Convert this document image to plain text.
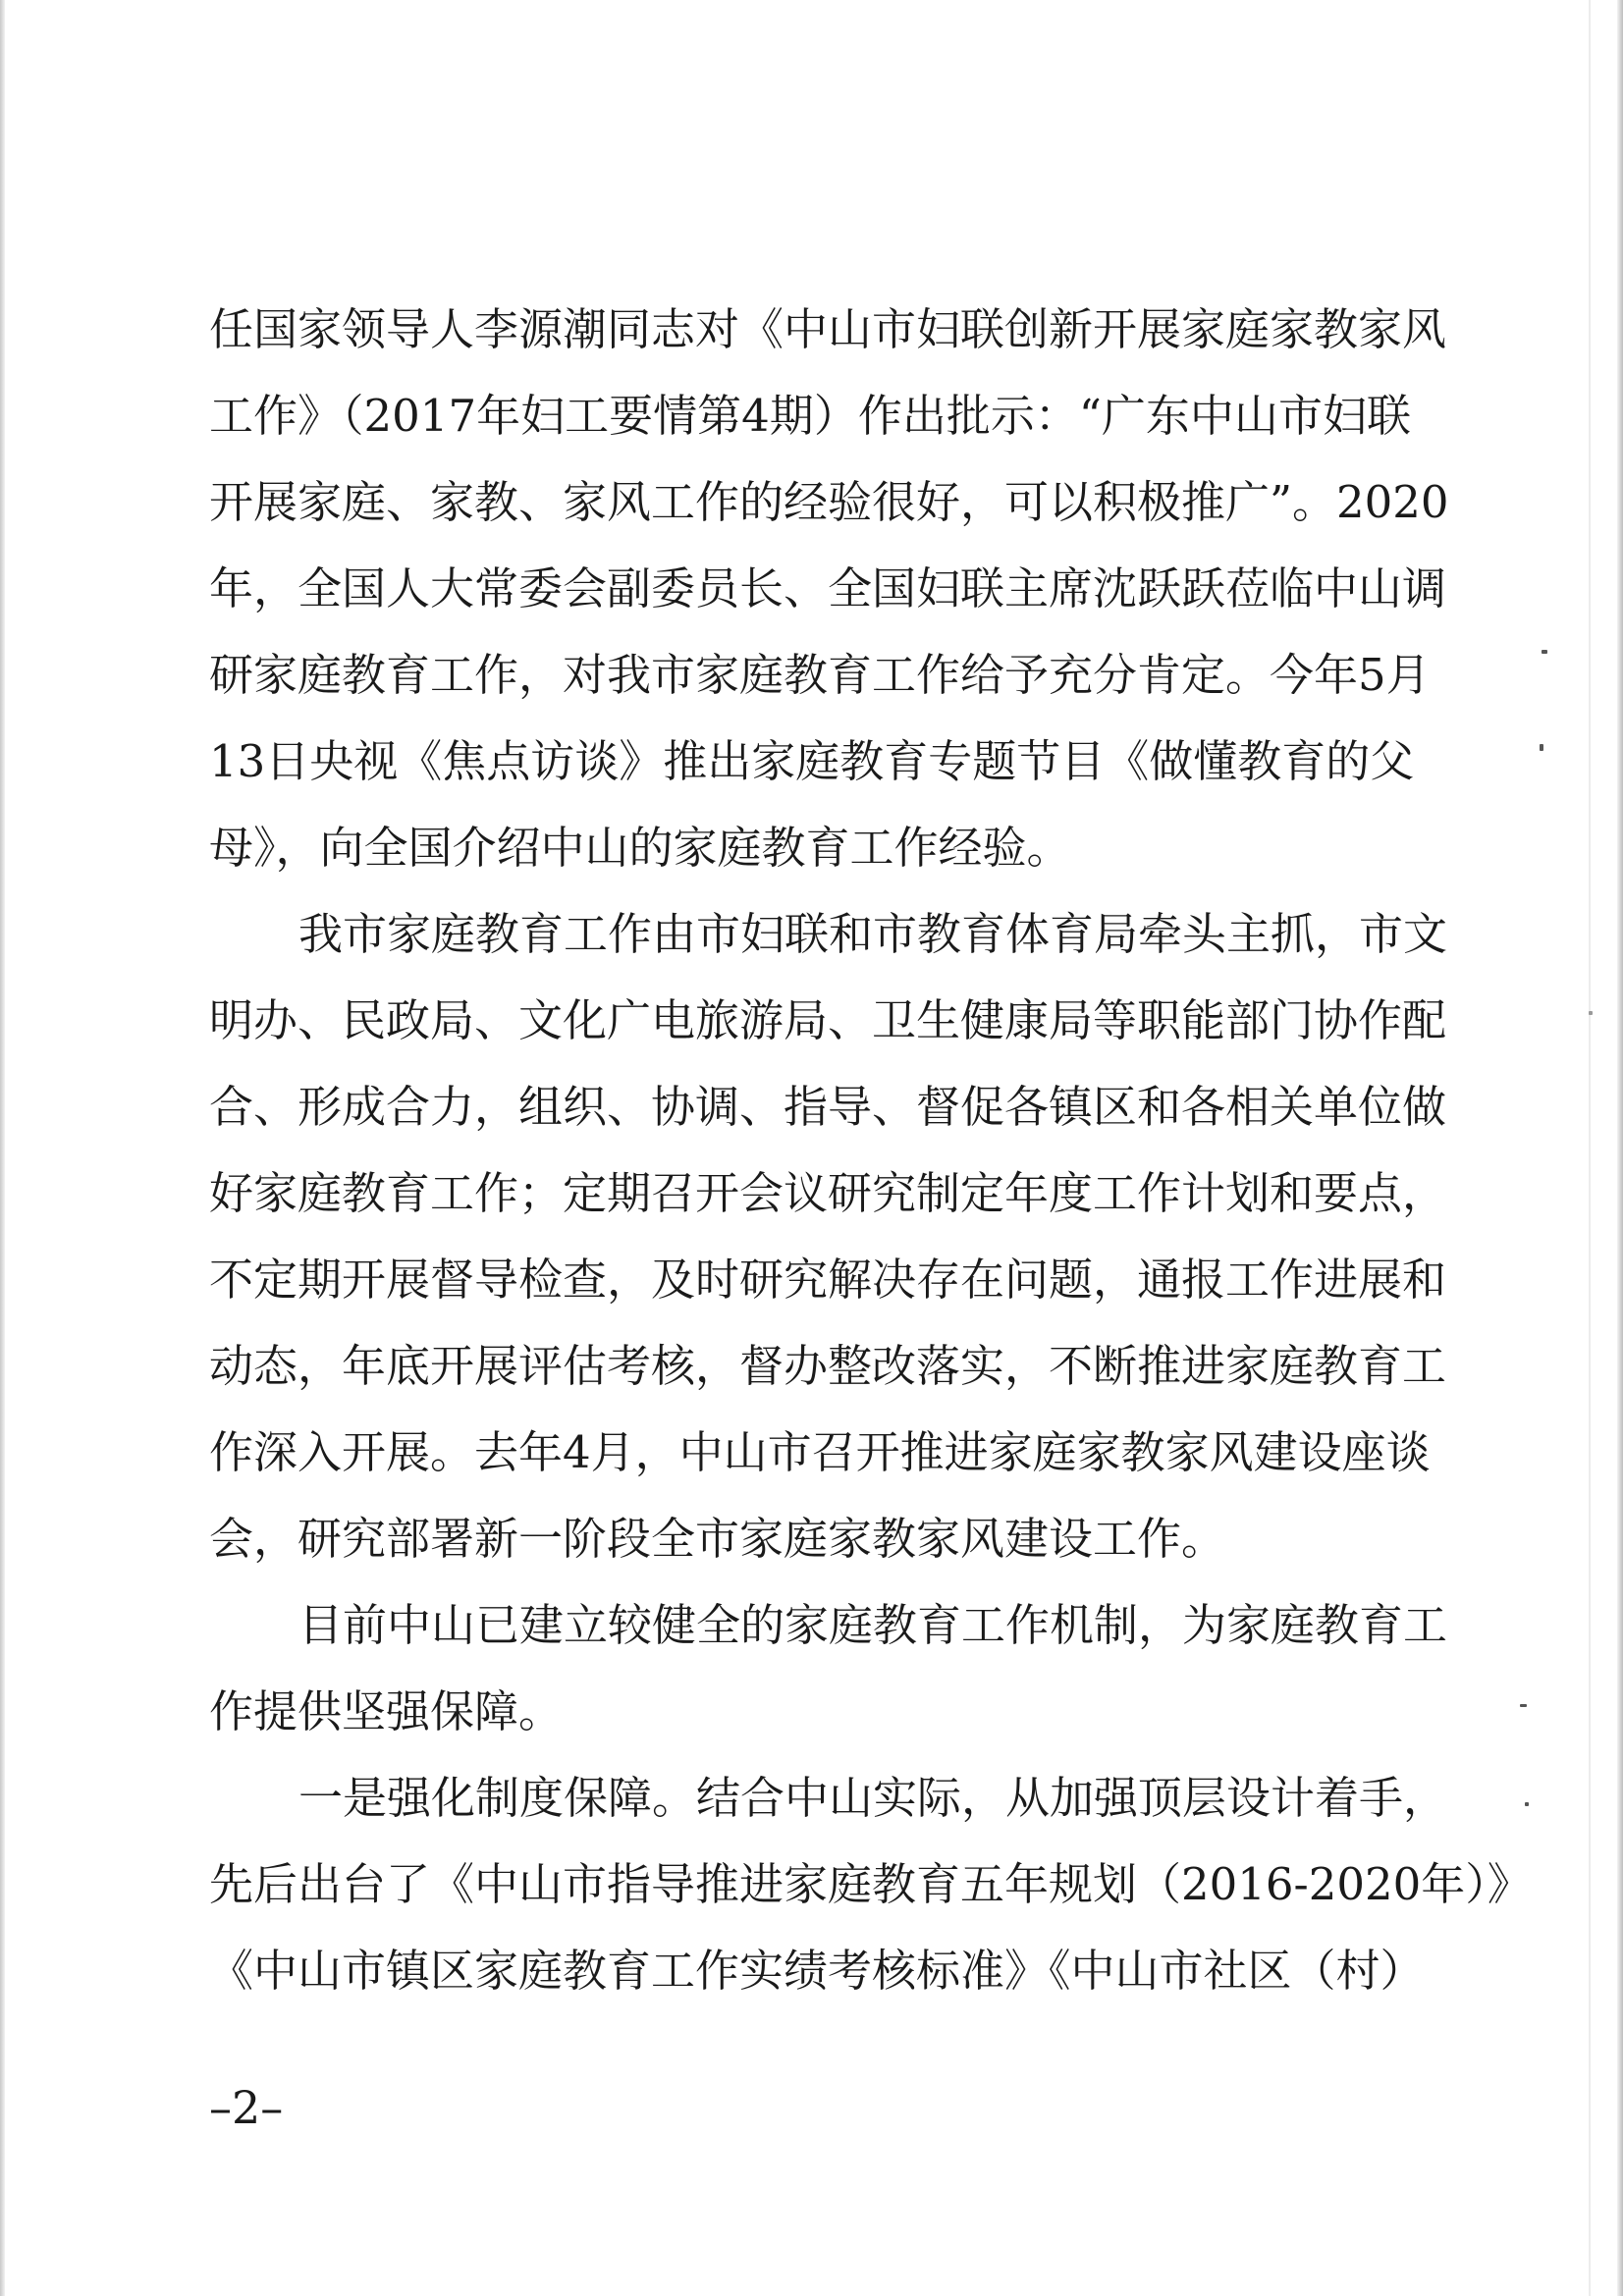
任国家领导人李源潮同志对《中山市妇联创新开展家庭家教家风
工作》（2017年妇工要情第4期）作出批示：“广东中山市妇联
开展家庭、家教、家风工作的经验很好，可以积极推广”。2020
年，全国人大常委会副委员长、全国妇联主席沈跃跃莅临中山调
研家庭教育工作，对我市家庭教育工作给予充分肯定。今年5月
13日央视《焦点访谈》推出家庭教育专题节目《做懂教育的父
母》，向全国介绍中山的家庭教育工作经验。
我市家庭教育工作由市妇联和市教育体育局牵头主抓，市文
明办、民政局、文化广电旅游局、卫生健康局等职能部门协作配
合、形成合力，组织、协调、指导、督促各镇区和各相关单位做
好家庭教育工作；定期召开会议研究制定年度工作计划和要点，
不定期开展督导检查，及时研究解决存在问题，通报工作进展和
动态，年底开展评估考核，督办整改落实，不断推进家庭教育工
作深入开展。去年4月，中山市召开推进家庭家教家风建设座谈
会，研究部署新一阶段全市家庭家教家风建设工作。
目前中山已建立较健全的家庭教育工作机制，为家庭教育工
作提供坚强保障。
一是强化制度保障。结合中山实际，从加强顶层设计着手，
先后出台了《中山市指导推进家庭教育五年规划（2016-2020年）》
《中山市镇区家庭教育工作实绩考核标准》《中山市社区（村）
–2–
